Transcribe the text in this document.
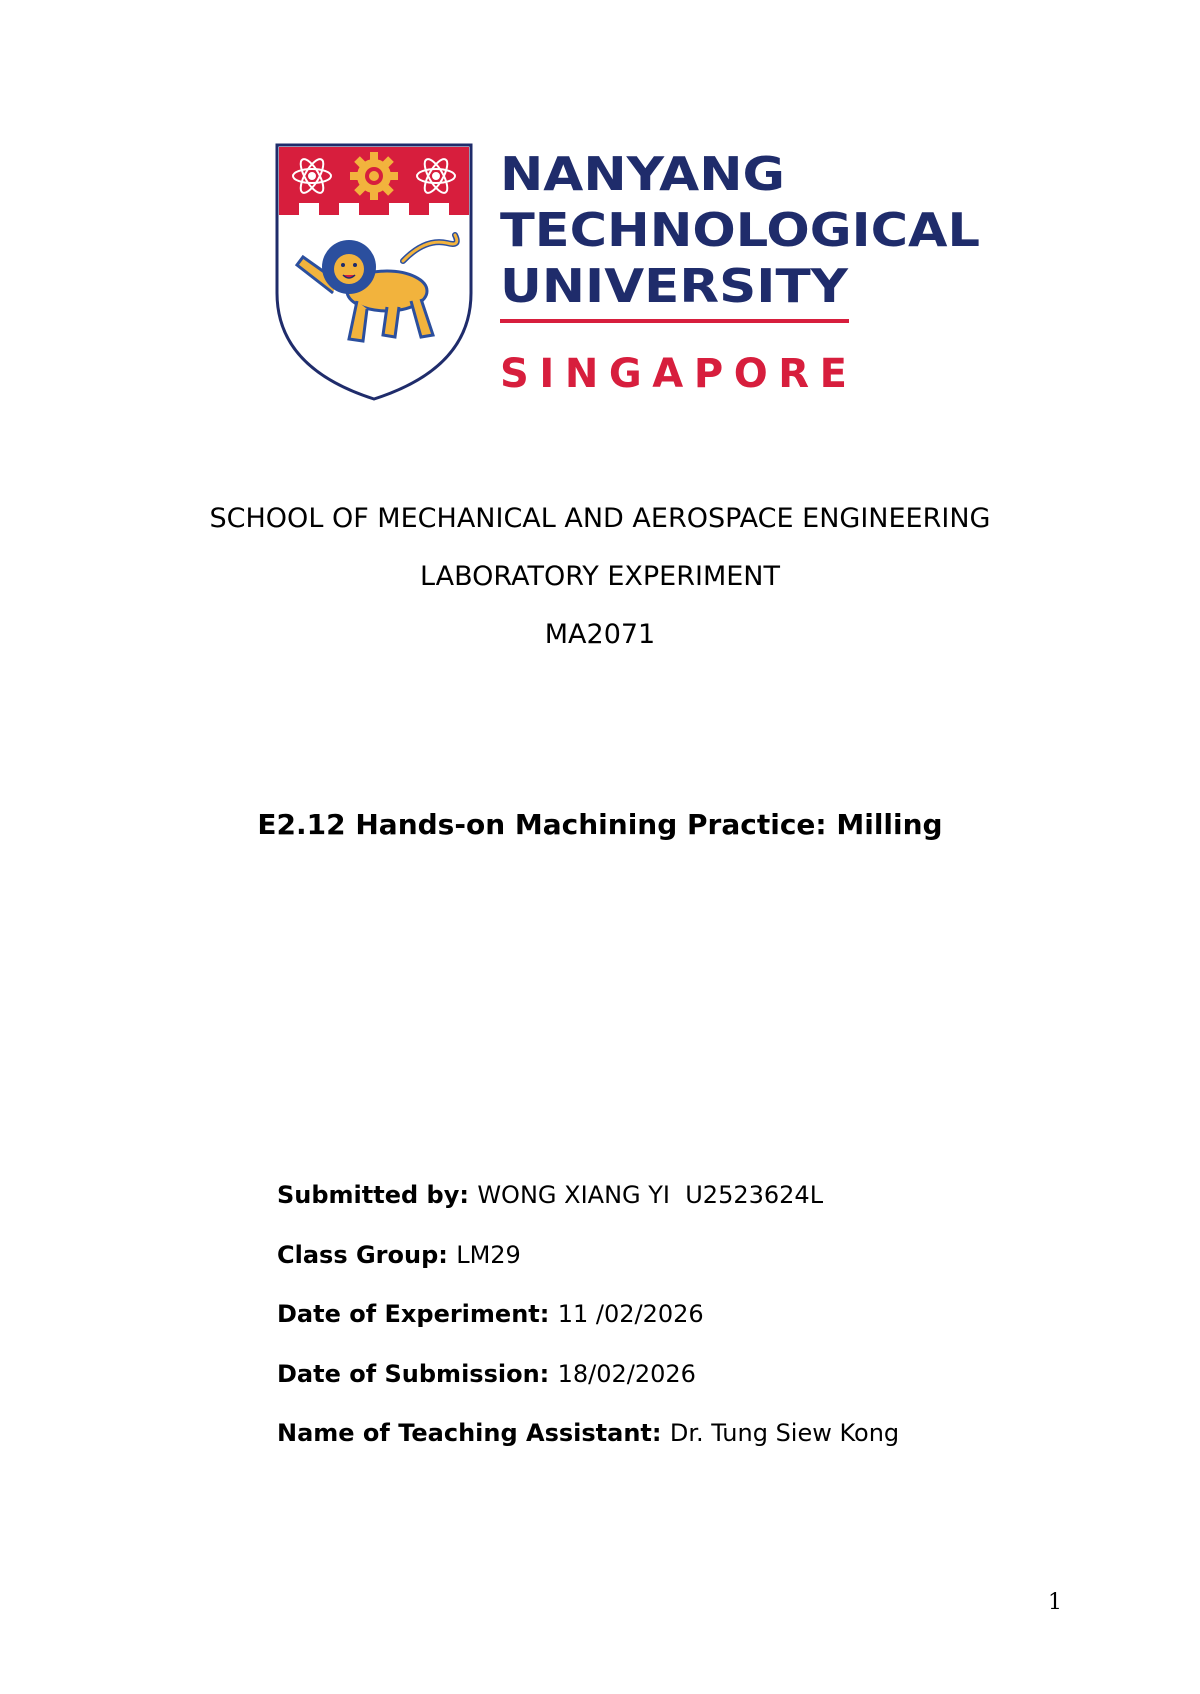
NANYANG
TECHNOLOGICAL
UNIVERSITY
SINGAPORE
SCHOOL OF MECHANICAL AND AEROSPACE ENGINEERING
LABORATORY EXPERIMENT
MA2071
E2.12 Hands-on Machining Practice: Milling
Submitted by: WONG XIANG YI  U2523624L
Class Group: LM29
Date of Experiment: 11 /02/2026
Date of Submission: 18/02/2026
Name of Teaching Assistant: Dr. Tung Siew Kong
1
